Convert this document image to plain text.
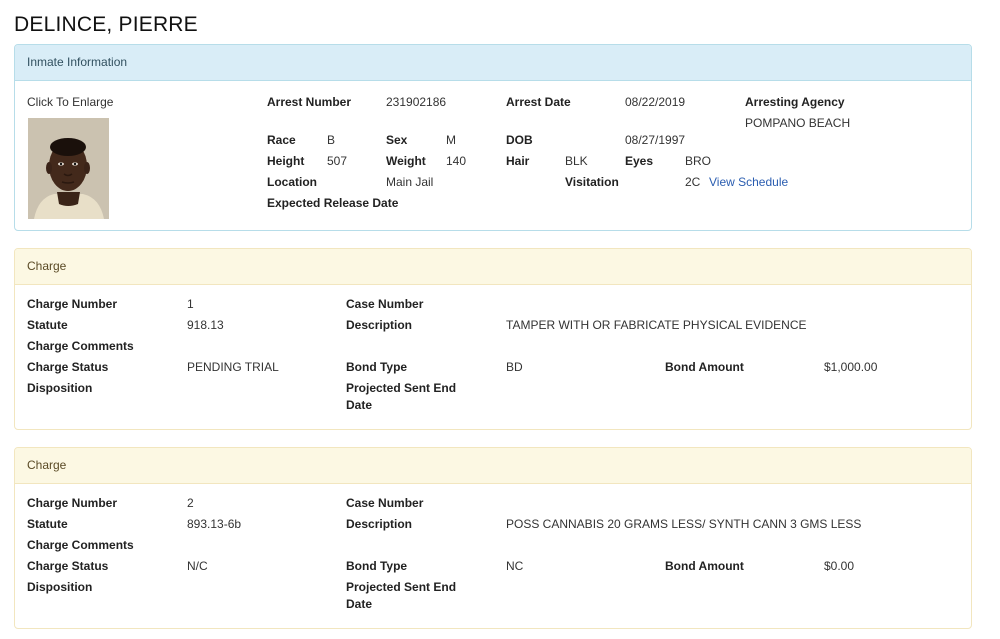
DELINCE, PIERRE
Inmate Information
Click To Enlarge	Arrest Number	231902186	Arrest Date	08/22/2019	Arresting Agency
POMPANO BEACH
Race	B	Sex	M	DOB	08/27/1997
Height 507	Weight 140	Hair	BLK	Eyes	BRO
Location	Main Jail	Visitation	2C View Schedule
Expected Release Date
Charge
Charge Number	1	Case Number
Statute	918.13	Description	TAMPER WITH OR FABRICATE PHYSICAL EVIDENCE
Charge Comments
Charge Status	PENDING TRIAL	Bond Type	BD	Bond Amount	$1,000.00
Disposition	Projected Sent End
Date
Charge
Charge Number	2	Case Number
Statute	893.13-6b	Description	POSS CANNABIS 20 GRAMS LESS/ SYNTH CANN 3 GMS LESS
Charge Comments
Charge Status	N/C	Bond Type	NC	Bond Amount	$0.00
Disposition	Projected Sent End
Date
